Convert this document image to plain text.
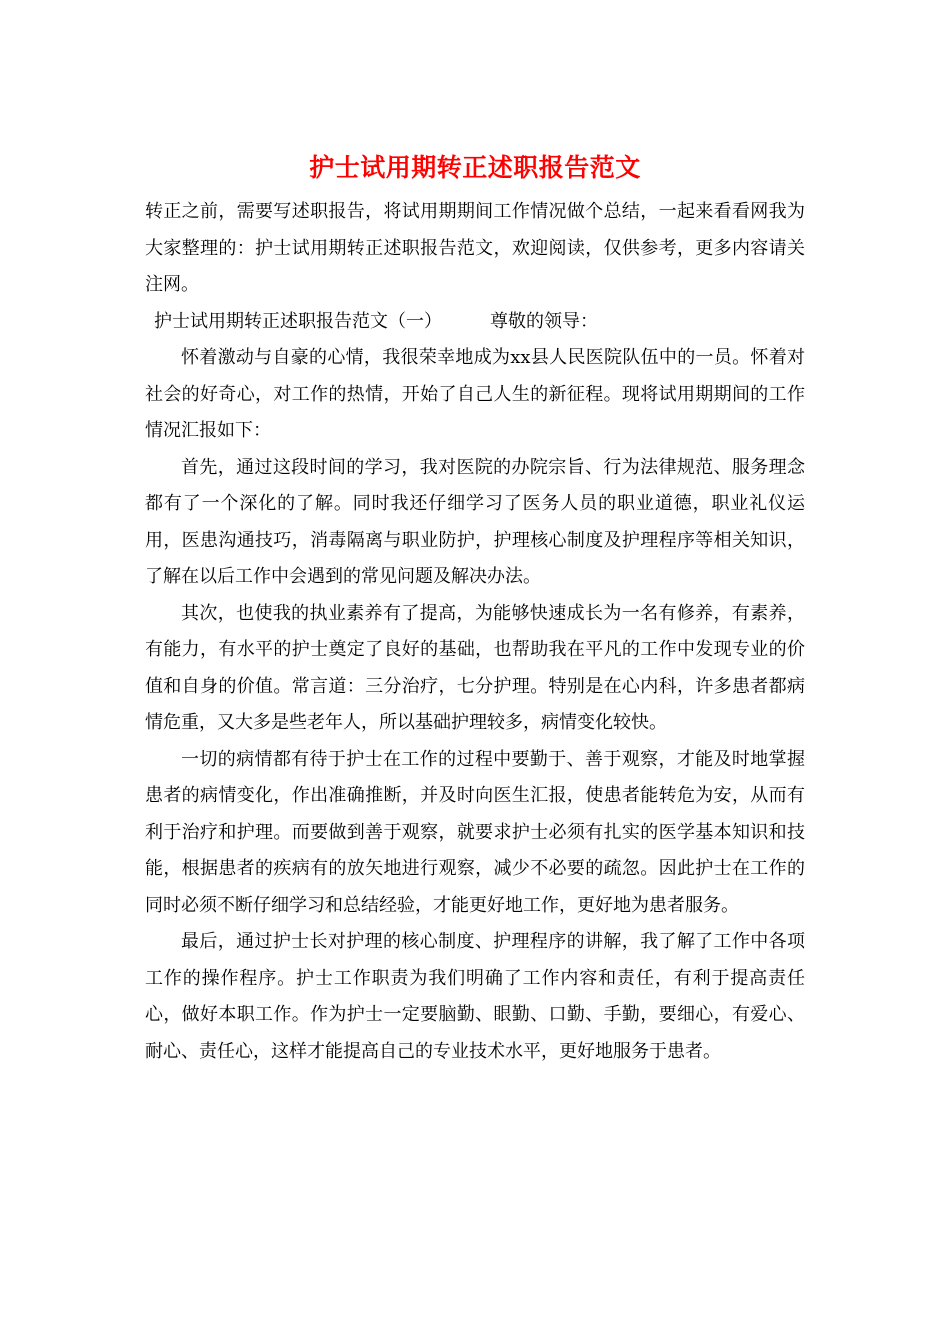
护士试用期转正述职报告范文

转正之前，需要写述职报告，将试用期期间工作情况做个总结，一起来看看网我为大家整理的：护士试用期转正述职报告范文，欢迎阅读，仅供参考，更多内容请关注网。

护士试用期转正述职报告范文（一）	尊敬的领导：

怀着激动与自豪的心情，我很荣幸地成为xx县人民医院队伍中的一员。怀着对社会的好奇心，对工作的热情，开始了自己人生的新征程。现将试用期期间的工作情况汇报如下：

首先，通过这段时间的学习，我对医院的办院宗旨、行为法律规范、服务理念都有了一个深化的了解。同时我还仔细学习了医务人员的职业道德，职业礼仪运用，医患沟通技巧，消毒隔离与职业防护，护理核心制度及护理程序等相关知识，了解在以后工作中会遇到的常见问题及解决办法。

其次，也使我的执业素养有了提高，为能够快速成长为一名有修养，有素养，有能力，有水平的护士奠定了良好的基础，也帮助我在平凡的工作中发现专业的价值和自身的价值。常言道：三分治疗，七分护理。特别是在心内科，许多患者都病情危重，又大多是些老年人，所以基础护理较多，病情变化较快。

一切的病情都有待于护士在工作的过程中要勤于、善于观察，才能及时地掌握患者的病情变化，作出准确推断，并及时向医生汇报，使患者能转危为安，从而有利于治疗和护理。而要做到善于观察，就要求护士必须有扎实的医学基本知识和技能，根据患者的疾病有的放矢地进行观察，减少不必要的疏忽。因此护士在工作的同时必须不断仔细学习和总结经验，才能更好地工作，更好地为患者服务。

最后，通过护士长对护理的核心制度、护理程序的讲解，我了解了工作中各项工作的操作程序。护士工作职责为我们明确了工作内容和责任，有利于提高责任心，做好本职工作。作为护士一定要脑勤、眼勤、口勤、手勤，要细心，有爱心、耐心、责任心，这样才能提高自己的专业技术水平，更好地服务于患者。
